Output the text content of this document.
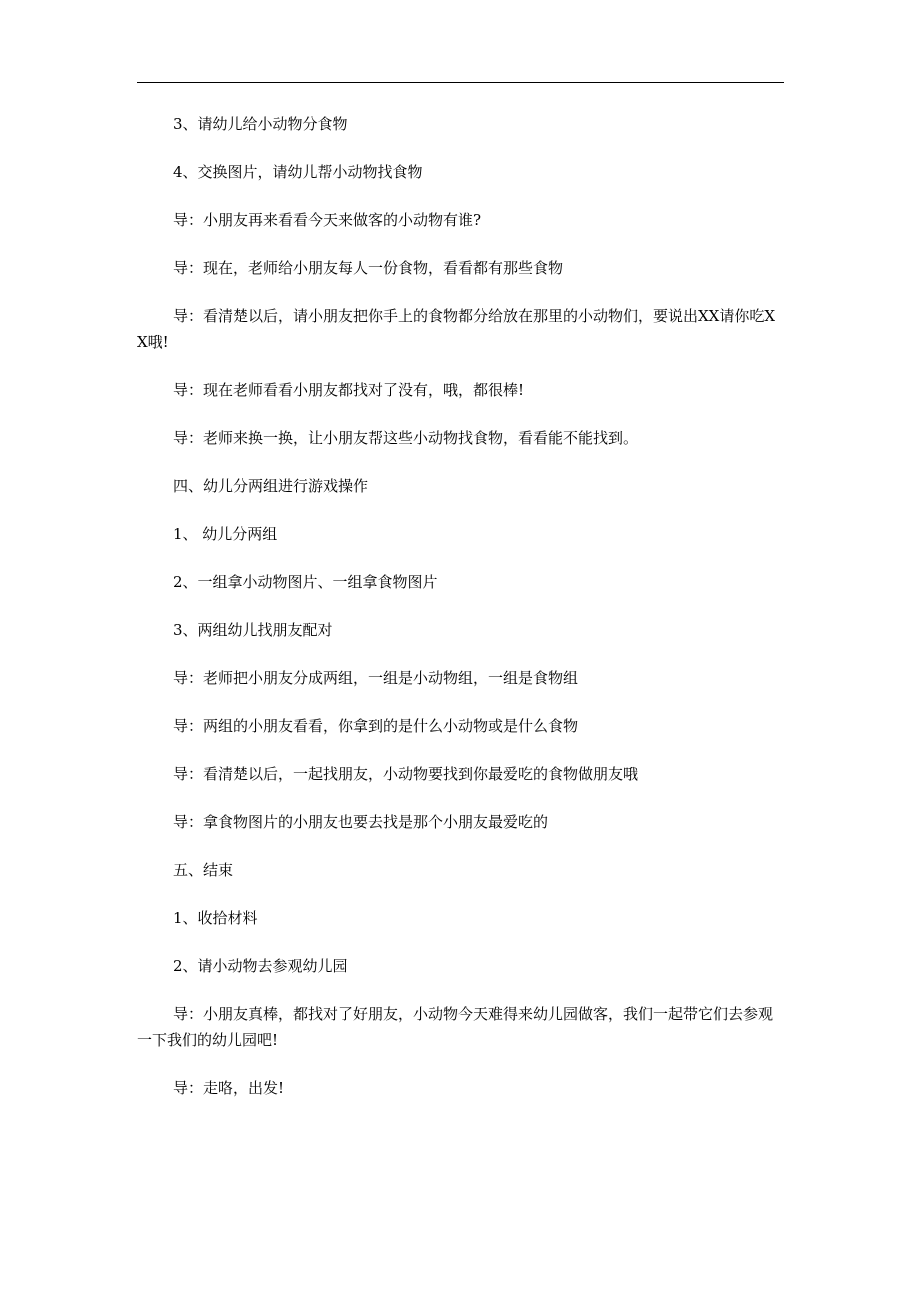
3、请幼儿给小动物分食物

4、交换图片，请幼儿帮小动物找食物

导：小朋友再来看看今天来做客的小动物有谁?

导：现在，老师给小朋友每人一份食物，看看都有那些食物

导：看清楚以后，请小朋友把你手上的食物都分给放在那里的小动物们，要说出XX请你吃XX哦!

导：现在老师看看小朋友都找对了没有，哦，都很棒!

导：老师来换一换，让小朋友帮这些小动物找食物，看看能不能找到。

四、幼儿分两组进行游戏操作

1、 幼儿分两组

2、一组拿小动物图片、一组拿食物图片

3、两组幼儿找朋友配对

导：老师把小朋友分成两组，一组是小动物组，一组是食物组

导：两组的小朋友看看，你拿到的是什么小动物或是什么食物

导：看清楚以后，一起找朋友，小动物要找到你最爱吃的食物做朋友哦

导：拿食物图片的小朋友也要去找是那个小朋友最爱吃的

五、结束

1、收拾材料

2、请小动物去参观幼儿园

导：小朋友真棒，都找对了好朋友，小动物今天难得来幼儿园做客，我们一起带它们去参观一下我们的幼儿园吧!

导：走咯，出发!
